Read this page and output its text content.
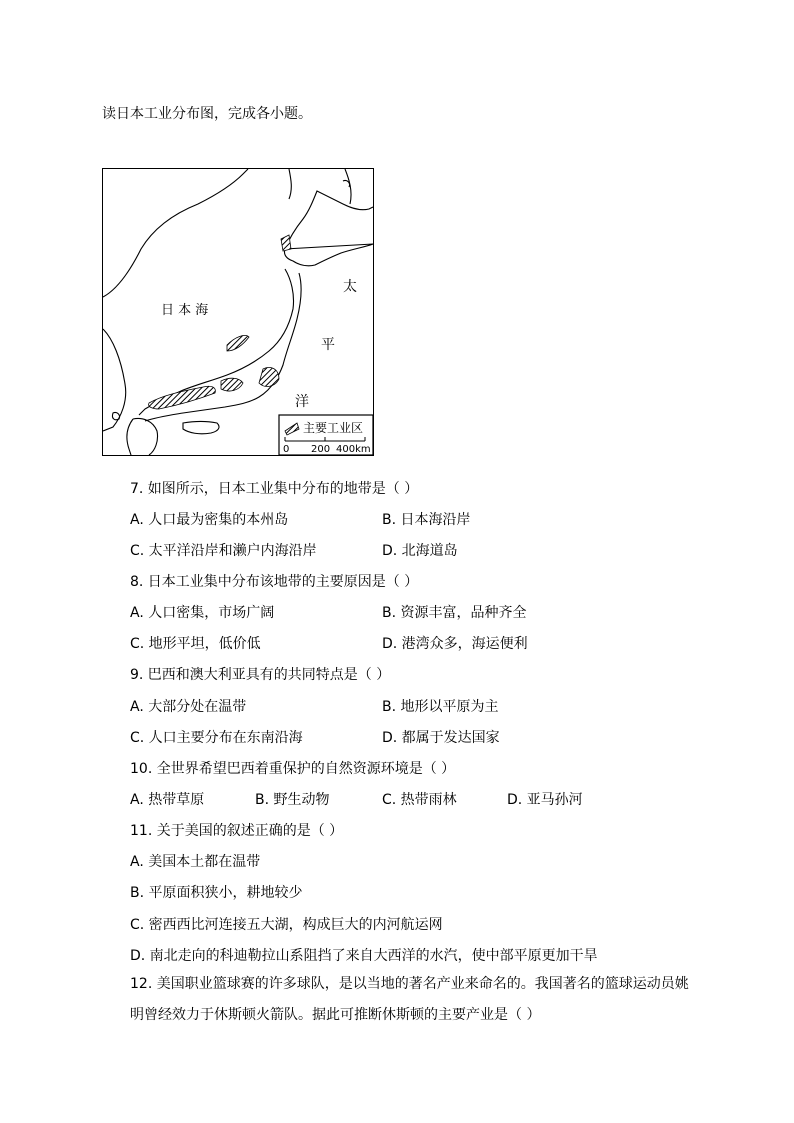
读日本工业分布图，完成各小题。
日 本 海
太
平
洋
主要工业区
0 200 400km
7. 如图所示，日本工业集中分布的地带是（ ）
A. 人口最为密集的本州岛	B. 日本海沿岸
C. 太平洋沿岸和濑户内海沿岸	D. 北海道岛
8. 日本工业集中分布该地带的主要原因是（ ）
A. 人口密集，市场广阔	B. 资源丰富，品种齐全
C. 地形平坦，低价低	D. 港湾众多，海运便利
9. 巴西和澳大利亚具有的共同特点是（ ）
A. 大部分处在温带	B. 地形以平原为主
C. 人口主要分布在东南沿海	D. 都属于发达国家
10. 全世界希望巴西着重保护的自然资源环境是（ ）
A. 热带草原	B. 野生动物	C. 热带雨林	D. 亚马孙河
11. 关于美国的叙述正确的是（ ）
A. 美国本土都在温带
B. 平原面积狭小，耕地较少
C. 密西西比河连接五大湖，构成巨大的内河航运网
D. 南北走向的科迪勒拉山系阻挡了来自大西洋的水汽，使中部平原更加干旱
12. 美国职业篮球赛的许多球队，是以当地的著名产业来命名的。我国著名的篮球运动员姚明曾经效力于休斯顿火箭队。据此可推断休斯顿的主要产业是（ ）
